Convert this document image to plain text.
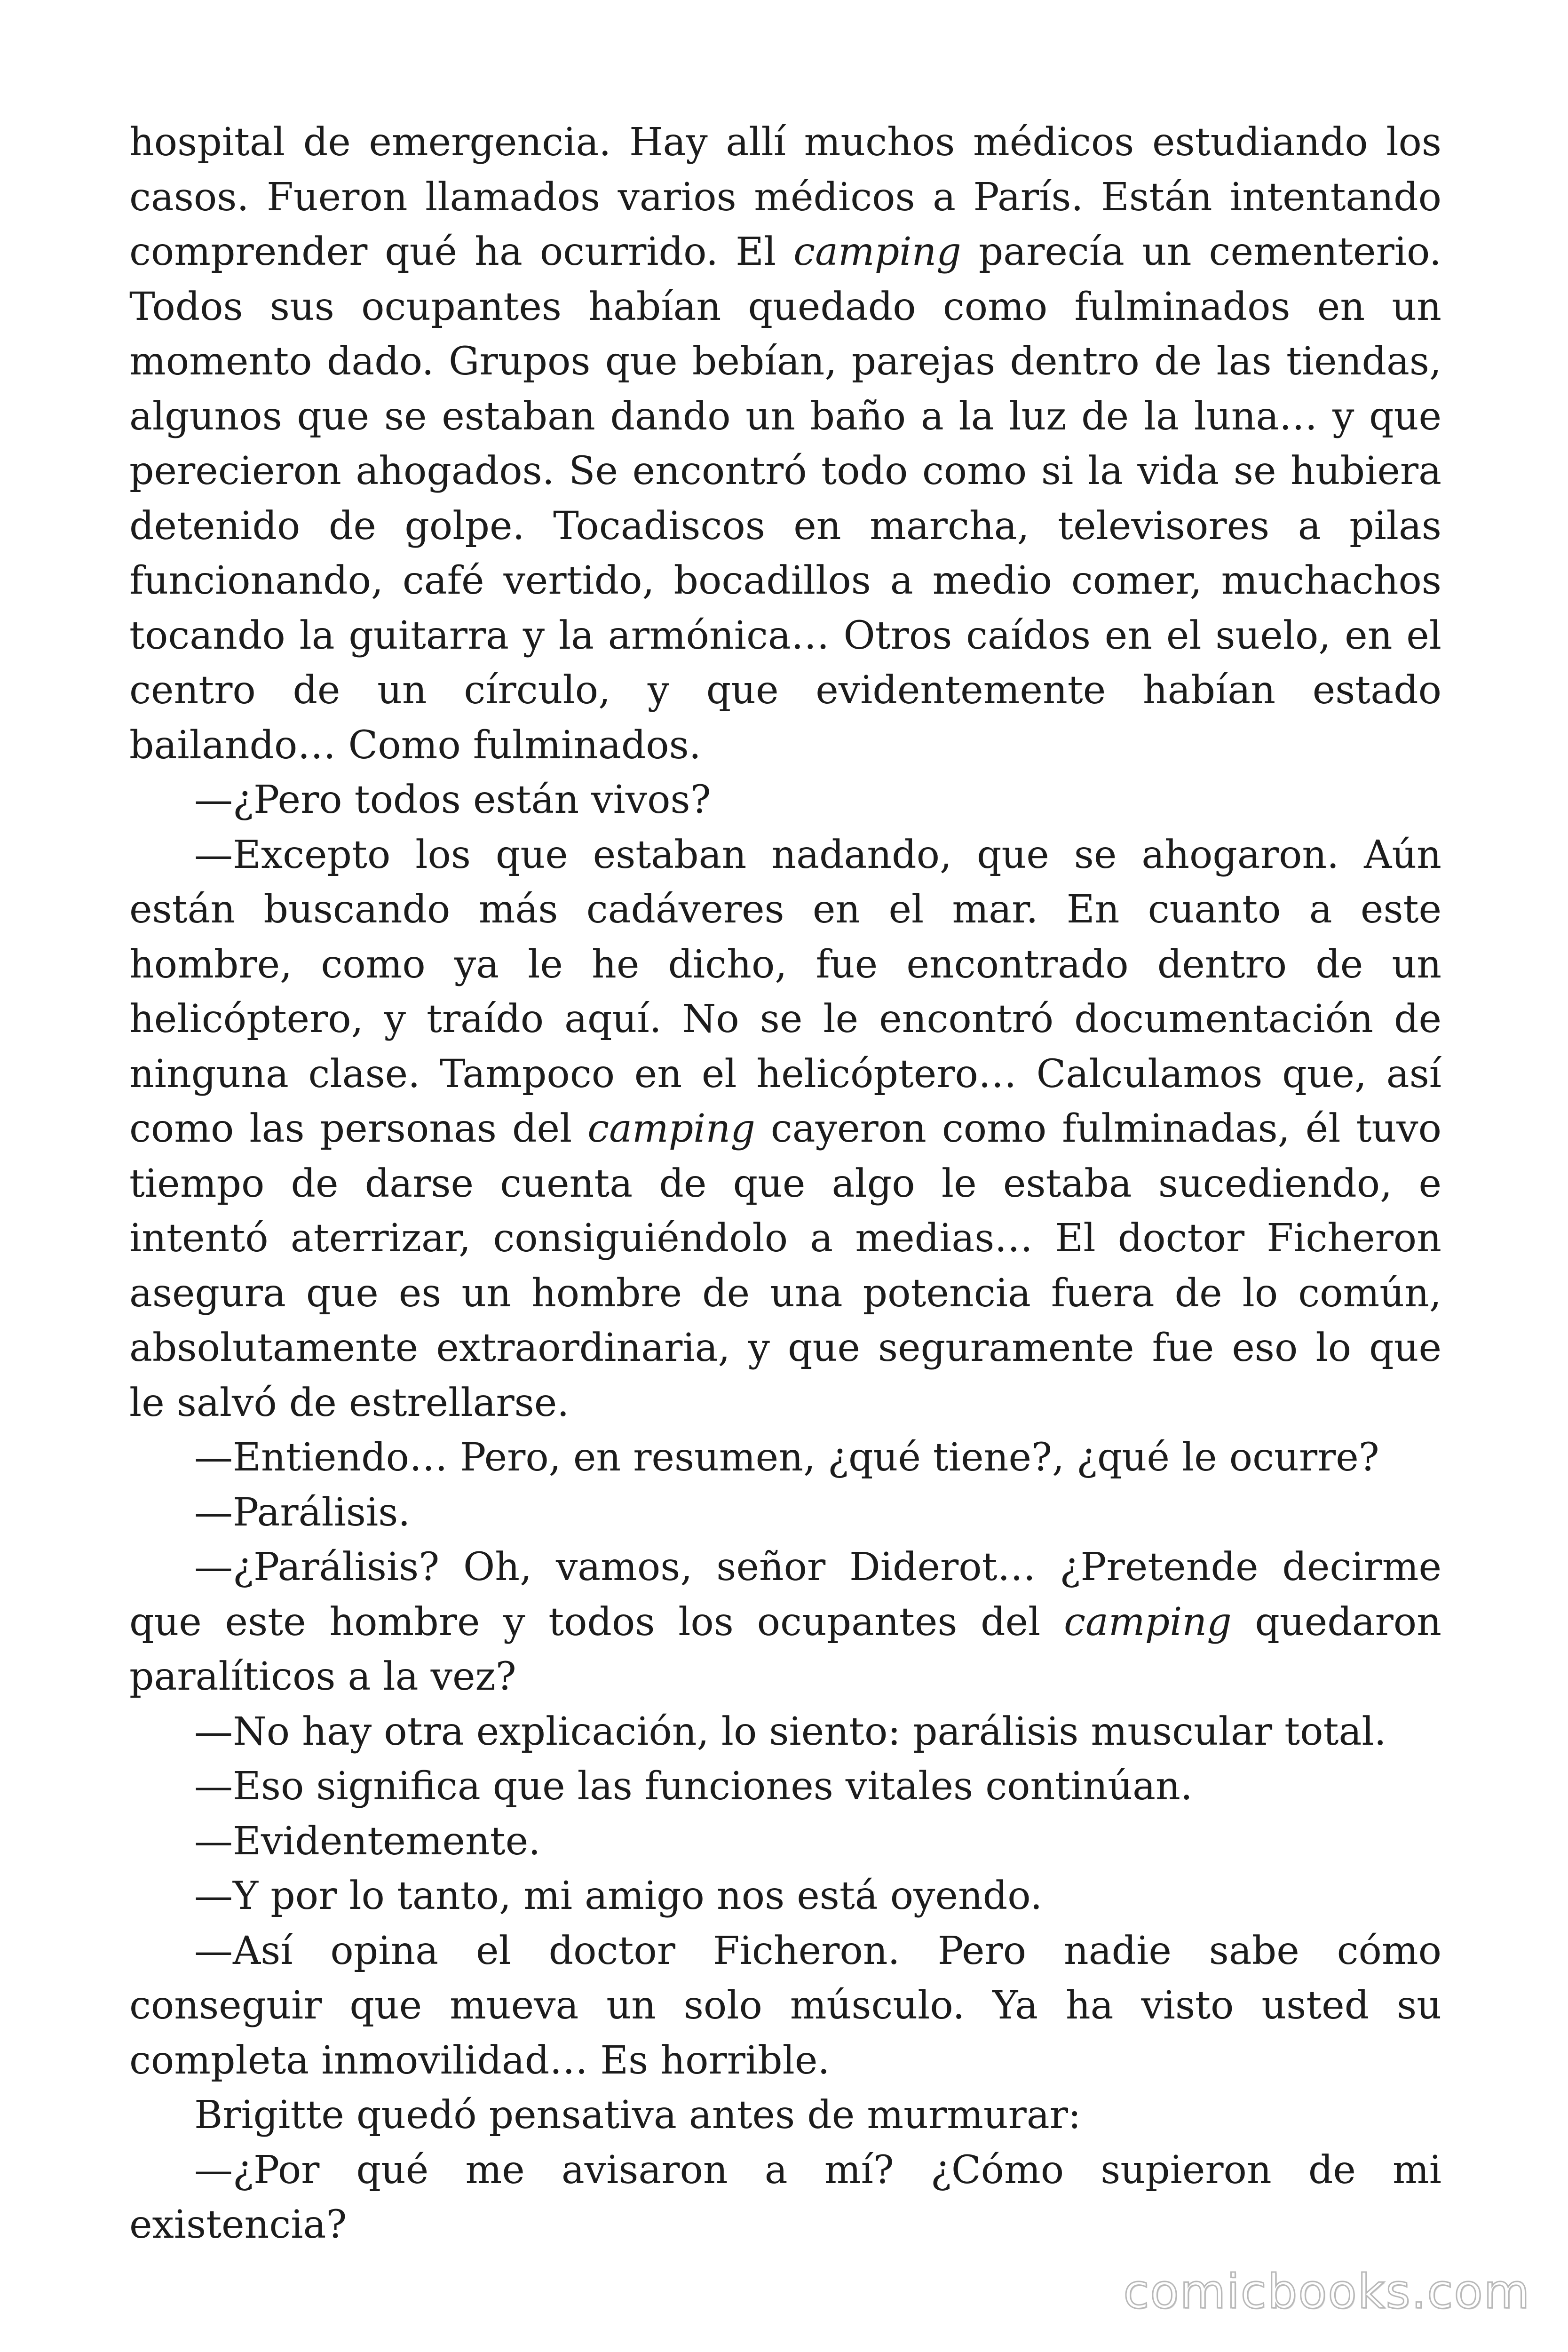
hospital de emergencia. Hay allí muchos médicos estudiando los casos. Fueron llamados varios médicos a París. Están intentando comprender qué ha ocurrido. El camping parecía un cementerio. Todos sus ocupantes habían quedado como fulminados en un momento dado. Grupos que bebían, parejas dentro de las tiendas, algunos que se estaban dando un baño a la luz de la luna… y que perecieron ahogados. Se encontró todo como si la vida se hubiera detenido de golpe. Tocadiscos en marcha, televisores a pilas funcionando, café vertido, bocadillos a medio comer, muchachos tocando la guitarra y la armónica… Otros caídos en el suelo, en el centro de un círculo, y que evidentemente habían estado bailando… Como fulminados.

—¿Pero todos están vivos?

—Excepto los que estaban nadando, que se ahogaron. Aún están buscando más cadáveres en el mar. En cuanto a este hombre, como ya le he dicho, fue encontrado dentro de un helicóptero, y traído aquí. No se le encontró documentación de ninguna clase. Tampoco en el helicóptero… Calculamos que, así como las personas del camping cayeron como fulminadas, él tuvo tiempo de darse cuenta de que algo le estaba sucediendo, e intentó aterrizar, consiguiéndolo a medias… El doctor Ficheron asegura que es un hombre de una potencia fuera de lo común, absolutamente extraordinaria, y que seguramente fue eso lo que le salvó de estrellarse.

—Entiendo… Pero, en resumen, ¿qué tiene?, ¿qué le ocurre?

—Parálisis.

—¿Parálisis? Oh, vamos, señor Diderot… ¿Pretende decirme que este hombre y todos los ocupantes del camping quedaron paralíticos a la vez?

—No hay otra explicación, lo siento: parálisis muscular total.

—Eso significa que las funciones vitales continúan.

—Evidentemente.

—Y por lo tanto, mi amigo nos está oyendo.

—Así opina el doctor Ficheron. Pero nadie sabe cómo conseguir que mueva un solo músculo. Ya ha visto usted su completa inmovilidad… Es horrible.

Brigitte quedó pensativa antes de murmurar:

—¿Por qué me avisaron a mí? ¿Cómo supieron de mi existencia?

comicbooks.com
